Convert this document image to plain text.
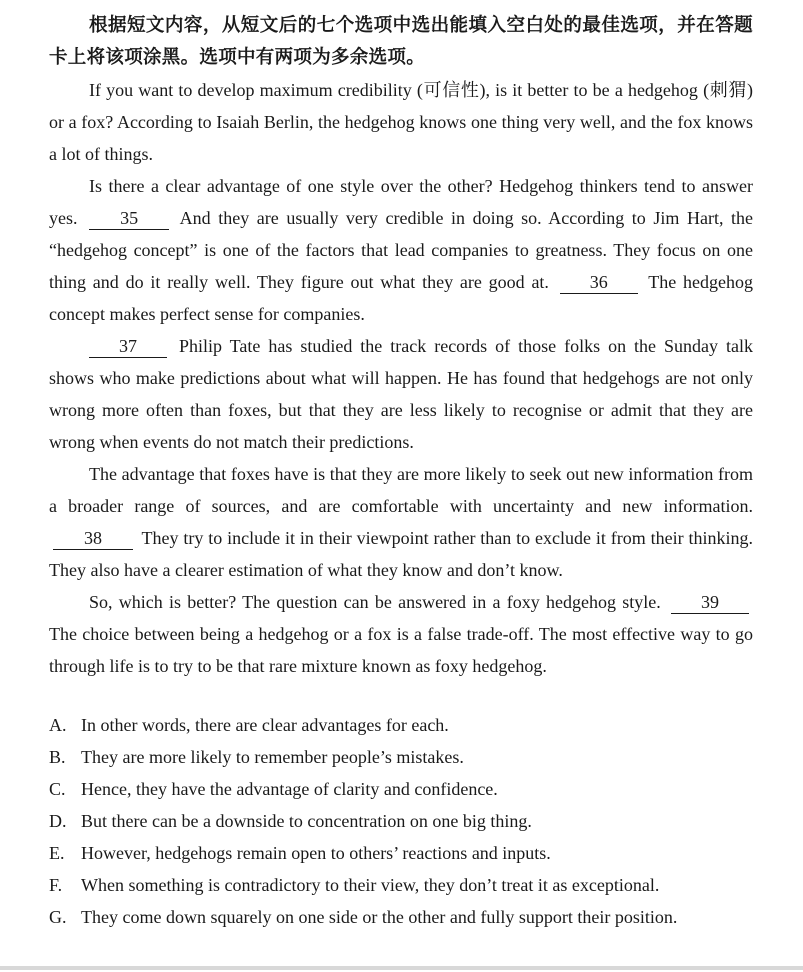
根据短文内容，从短文后的七个选项中选出能填入空白处的最佳选项，并在答题卡上将该项涂黑。选项中有两项为多余选项。

If you want to develop maximum credibility (可信性), is it better to be a hedgehog (刺猬) or a fox? According to Isaiah Berlin, the hedgehog knows one thing very well, and the fox knows a lot of things.

Is there a clear advantage of one style over the other? Hedgehog thinkers tend to answer yes. 35 And they are usually very credible in doing so. According to Jim Hart, the “hedgehog concept” is one of the factors that lead companies to greatness. They focus on one thing and do it really well. They figure out what they are good at. 36 The hedgehog concept makes perfect sense for companies.

37 Philip Tate has studied the track records of those folks on the Sunday talk shows who make predictions about what will happen. He has found that hedgehogs are not only wrong more often than foxes, but that they are less likely to recognise or admit that they are wrong when events do not match their predictions.

The advantage that foxes have is that they are more likely to seek out new information from a broader range of sources, and are comfortable with uncertainty and new information. 38 They try to include it in their viewpoint rather than to exclude it from their thinking. They also have a clearer estimation of what they know and don’t know.

So, which is better? The question can be answered in a foxy hedgehog style. 39 The choice between being a hedgehog or a fox is a false trade-off. The most effective way to go through life is to try to be that rare mixture known as foxy hedgehog.

A. In other words, there are clear advantages for each.
B. They are more likely to remember people’s mistakes.
C. Hence, they have the advantage of clarity and confidence.
D. But there can be a downside to concentration on one big thing.
E. However, hedgehogs remain open to others’ reactions and inputs.
F. When something is contradictory to their view, they don’t treat it as exceptional.
G. They come down squarely on one side or the other and fully support their position.
